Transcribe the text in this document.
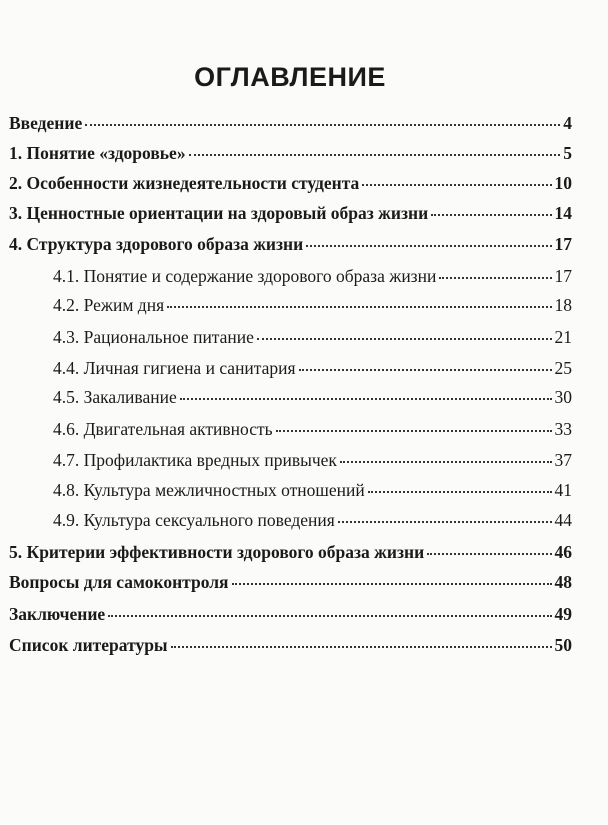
ОГЛАВЛЕНИЕ
Введение	4
1. Понятие «здоровье»	5
2. Особенности жизнедеятельности студента	10
3. Ценностные ориентации на здоровый образ жизни	14
4. Структура здорового образа жизни	17
4.1. Понятие и содержание здорового образа жизни	17
4.2. Режим дня	18
4.3. Рациональное питание	21
4.4. Личная гигиена и санитария	25
4.5. Закаливание	30
4.6. Двигательная активность	33
4.7. Профилактика вредных привычек	37
4.8. Культура межличностных отношений	41
4.9. Культура сексуального поведения	44
5. Критерии эффективности здорового образа жизни	46
Вопросы для самоконтроля	48
Заключение	49
Список литературы	50
